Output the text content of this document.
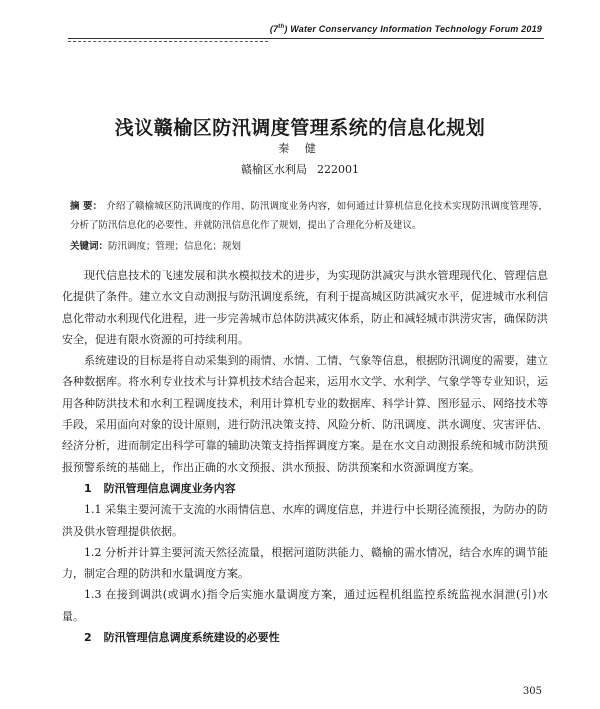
(7th) Water Conservancy Information Technology Forum 2019
浅议赣榆区防汛调度管理系统的信息化规划
秦 健
赣榆区水利局 222001
摘 要： 介绍了赣榆城区防汛调度的作用、防汛调度业务内容，如何通过计算机信息化技术实现防汛调度管理等，分析了防汛信息化的必要性、并就防汛信息化作了规划，提出了合理化分析及建议。
关键词：防汛调度；管理；信息化；规划

现代信息技术的飞速发展和洪水模拟技术的进步，为实现防洪减灾与洪水管理现代化、管理信息化提供了条件。建立水文自动测报与防汛调度系统，有利于提高城区防洪减灾水平，促进城市水利信息化带动水利现代化进程，进一步完善城市总体防洪减灾体系，防止和减轻城市洪涝灾害，确保防洪安全，促进有限水资源的可持续利用。

系统建设的目标是将自动采集到的雨情、水情、工情、气象等信息，根据防汛调度的需要，建立各种数据库。将水利专业技术与计算机技术结合起来，运用水文学、水利学、气象学等专业知识，运用各种防洪技术和水利工程调度技术，利用计算机专业的数据库、科学计算、图形显示、网络技术等手段，采用面向对象的设计原则，进行防汛决策支持、风险分析、防汛调度、洪水调度、灾害评估、经济分析，进而制定出科学可靠的辅助决策支持指挥调度方案。是在水文自动测报系统和城市防洪预报预警系统的基础上，作出正确的水文预报、洪水预报、防洪预案和水资源调度方案。

1 防汛管理信息调度业务内容

1.1 采集主要河流干支流的水雨情信息、水库的调度信息，并进行中长期径流预报，为防办的防洪及供水管理提供依据。

1.2 分析并计算主要河流天然径流量，根据河道防洪能力、赣榆的需水情况，结合水库的调节能力，制定合理的防洪和水量调度方案。

1.3 在接到调洪(或调水)指令后实施水量调度方案，通过远程机组监控系统监视水洞泄(引)水量。

2 防汛管理信息调度系统建设的必要性
305
